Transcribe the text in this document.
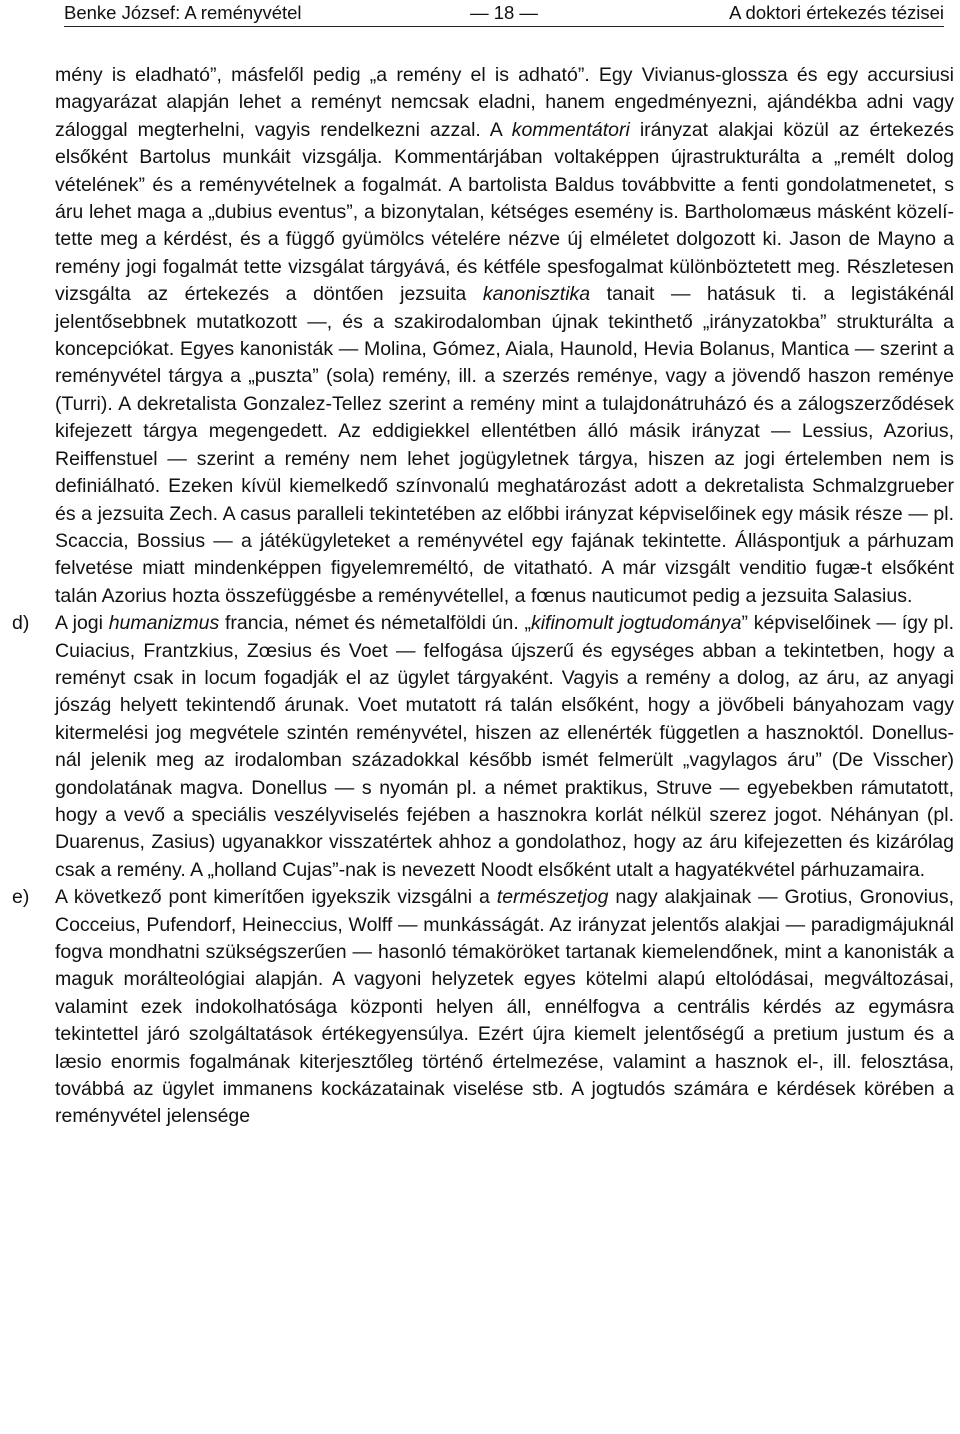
Benke József: A reményvétel	— 18 —	A doktori értekezés tézisei

mény is eladható”, másfelől pedig „a remény el is adható”. Egy Vivianus-glossza és egy accursiusi magyarázat alapján lehet a reményt nemcsak eladni, hanem engedményezni, ajándékba adni vagy záloggal megterhelni, vagyis rendelkezni azzal. A kommentátori irányzat alakjai közül az értekezés elsőként Bartolus munkáit vizsgálja. Kommentárjában voltaképpen újrastrukturálta a „remélt dolog vételének” és a reményvételnek a fogalmát. A bartolista Baldus továbbvitte a fenti gondolatmenetet, s áru lehet maga a „dubius eventus”, a bizonytalan, kétséges esemény is. Bartholomæus másként közelítette meg a kérdést, és a függő gyümölcs vételére nézve új elméletet dolgozott ki. Jason de Mayno a remény jogi fogalmát tette vizsgálat tárgyává, és kétféle spesfogalmat különböztetett meg. Részletesen vizsgálta az értekezés a döntően jezsuita kanonisztika tanait — hatásuk ti. a legistákénál jelentősebbnek mutatkozott —, és a szakirodalomban újnak tekinthető „irányzatokba” strukturálta a koncepciókat. Egyes kanonisták — Molina, Gómez, Aiala, Haunold, Hevia Bolanus, Mantica — szerint a reményvétel tárgya a „puszta” (sola) remény, ill. a szerzés reménye, vagy a jövendő haszon reménye (Turri). A dekretalista Gonzalez-Tellez szerint a remény mint a tulajdonátruházó és a zálogszerződések kifejezett tárgya megengedett. Az eddigiekkel ellentétben álló másik irányzat — Lessius, Azorius, Reiffenstuel — szerint a remény nem lehet jogügyletnek tárgya, hiszen az jogi értelemben nem is definiálható. Ezeken kívül kiemelkedő színvonalú meghatározást adott a dekretalista Schmalzgrueber és a jezsuita Zech. A casus paralleli tekintetében az előbbi irányzat képviselőinek egy másik része — pl. Scaccia, Bossius — a játékügyleteket a reményvétel egy fajának tekintette. Álláspontjuk a párhuzam felvetése miatt mindenképpen figyelemreméltó, de vitatható. A már vizsgált venditio fugæ-t elsőként talán Azorius hozta összefüggésbe a reményvétellel, a fœnus nauticumot pedig a jezsuita Salasius.

d) A jogi humanizmus francia, német és németalföldi ún. „kifinomult jogtudománya” képviselőinek — így pl. Cuiacius, Frantzkius, Zœsius és Voet — felfogása újszerű és egységes abban a tekintetben, hogy a reményt csak in locum fogadják el az ügylet tárgyaként. Vagyis a remény a dolog, az áru, az anyagi jószág helyett tekintendő árunak. Voet mutatott rá talán elsőként, hogy a jövőbeli bányahozam vagy kitermelési jog megvétele szintén reményvétel, hiszen az ellenérték független a hasznoktól. Donellus-nál jelenik meg az irodalomban századokkal később ismét felmerült „vagylagos áru” (De Visscher) gondolatának magva. Donellus — s nyomán pl. a német praktikus, Struve — egyebekben rámutatott, hogy a vevő a speciális veszélyviselés fejében a hasznokra korlát nélkül szerez jogot. Néhányan (pl. Duarenus, Zasius) ugyanakkor visszatértek ahhoz a gondolathoz, hogy az áru kifejezetten és kizárólag csak a remény. A „holland Cujas”-nak is nevezett Noodt elsőként utalt a hagyatékvétel párhuzamaira.

e) A következő pont kimerítően igyekszik vizsgálni a természetjog nagy alakjainak — Grotius, Gronovius, Cocceius, Pufendorf, Heineccius, Wolff — munkásságát. Az irányzat jelentős alakjai — paradigmájuknál fogva mondhatni szükségszerűen — hasonló témaköröket tartanak kiemelendőnek, mint a kanonisták a maguk morálteológiai alapján. A vagyoni helyzetek egyes kötelmi alapú eltolódásai, megváltozásai, valamint ezek indokolhatósága központi helyen áll, ennélfogva a centrális kérdés az egymásra tekintettel járó szolgáltatások értékegyensúlya. Ezért újra kiemelt jelentőségű a pretium justum és a læsio enormis fogalmának kiterjesztőleg történő értelmezése, valamint a hasznok el-, ill. felosztása, továbbá az ügylet immanens kockázatainak viselése stb. A jogtudós számára e kérdések körében a reményvétel jelensége
